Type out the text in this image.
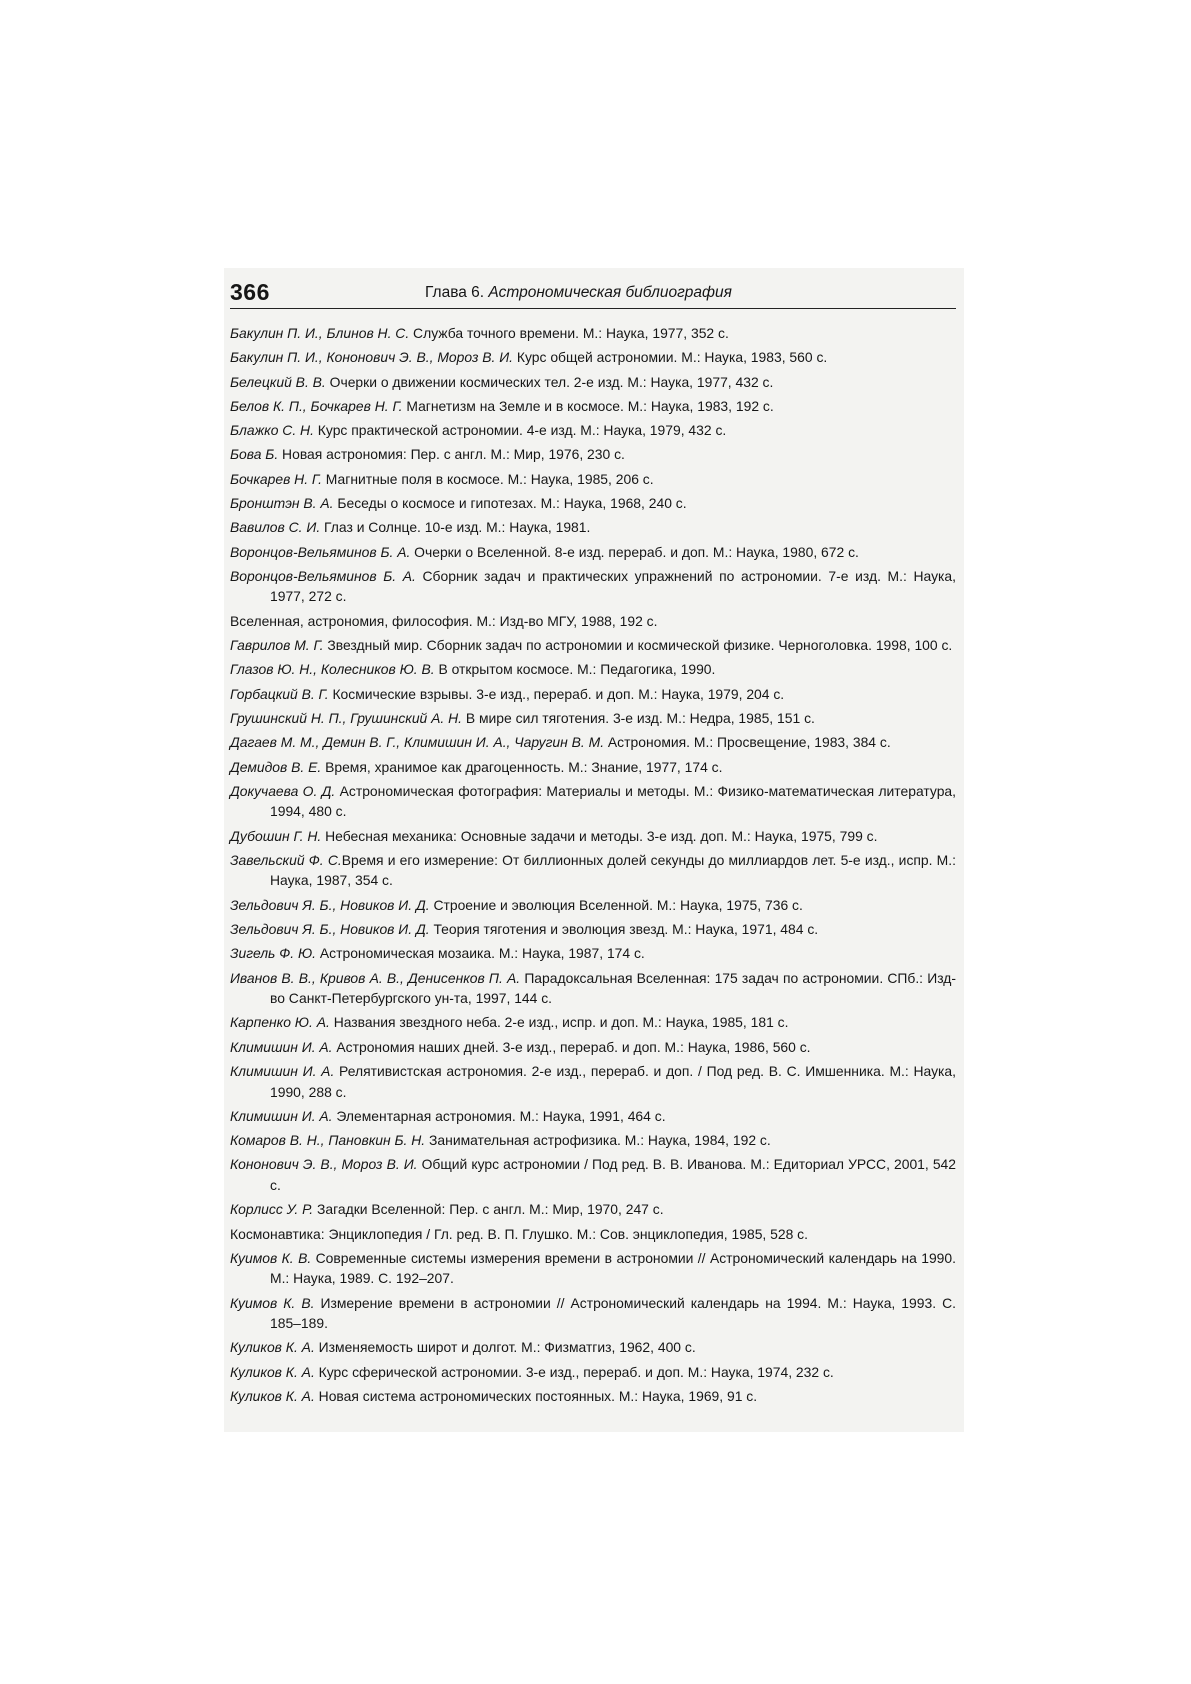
366	Глава 6. Астрономическая библиография
Бакулин П. И., Блинов Н. С. Служба точного времени. М.: Наука, 1977, 352 с.
Бакулин П. И., Кононович Э. В., Мороз В. И. Курс общей астрономии. М.: Наука, 1983, 560 с.
Белецкий В. В. Очерки о движении космических тел. 2-е изд. М.: Наука, 1977, 432 с.
Белов К. П., Бочкарев Н. Г. Магнетизм на Земле и в космосе. М.: Наука, 1983, 192 с.
Блажко С. Н. Курс практической астрономии. 4-е изд. М.: Наука, 1979, 432 с.
Бова Б. Новая астрономия: Пер. с англ. М.: Мир, 1976, 230 с.
Бочкарев Н. Г. Магнитные поля в космосе. М.: Наука, 1985, 206 с.
Бронштэн В. А. Беседы о космосе и гипотезах. М.: Наука, 1968, 240 с.
Вавилов С. И. Глаз и Солнце. 10-е изд. М.: Наука, 1981.
Воронцов-Вельяминов Б. А. Очерки о Вселенной. 8-е изд. перераб. и доп. М.: Наука, 1980, 672 с.
Воронцов-Вельяминов Б. А. Сборник задач и практических упражнений по астрономии. 7-е изд. М.: Наука, 1977, 272 с.
Вселенная, астрономия, философия. М.: Изд-во МГУ, 1988, 192 с.
Гаврилов М. Г. Звездный мир. Сборник задач по астрономии и космической физике. Черноголовка. 1998, 100 с.
Глазов Ю. Н., Колесников Ю. В. В открытом космосе. М.: Педагогика, 1990.
Горбацкий В. Г. Космические взрывы. 3-е изд., перераб. и доп. М.: Наука, 1979, 204 с.
Грушинский Н. П., Грушинский А. Н. В мире сил тяготения. 3-е изд. М.: Недра, 1985, 151 с.
Дагаев М. М., Демин В. Г., Климишин И. А., Чаругин В. М. Астрономия. М.: Просвещение, 1983, 384 с.
Демидов В. Е. Время, хранимое как драгоценность. М.: Знание, 1977, 174 с.
Докучаева О. Д. Астрономическая фотография: Материалы и методы. М.: Физико-математическая литература, 1994, 480 с.
Дубошин Г. Н. Небесная механика: Основные задачи и методы. 3-е изд. доп. М.: Наука, 1975, 799 с.
Завельский Ф. С.Время и его измерение: От биллионных долей секунды до миллиардов лет. 5-е изд., испр. М.: Наука, 1987, 354 с.
Зельдович Я. Б., Новиков И. Д. Строение и эволюция Вселенной. М.: Наука, 1975, 736 с.
Зельдович Я. Б., Новиков И. Д. Теория тяготения и эволюция звезд. М.: Наука, 1971, 484 с.
Зигель Ф. Ю. Астрономическая мозаика. М.: Наука, 1987, 174 с.
Иванов В. В., Кривов А. В., Денисенков П. А. Парадоксальная Вселенная: 175 задач по астрономии. СПб.: Изд-во Санкт-Петербургского ун-та, 1997, 144 с.
Карпенко Ю. А. Названия звездного неба. 2-е изд., испр. и доп. М.: Наука, 1985, 181 с.
Климишин И. А. Астрономия наших дней. 3-е изд., перераб. и доп. М.: Наука, 1986, 560 с.
Климишин И. А. Релятивистская астрономия. 2-е изд., перераб. и доп. / Под ред. В. С. Имшенника. М.: Наука, 1990, 288 с.
Климишин И. А. Элементарная астрономия. М.: Наука, 1991, 464 с.
Комаров В. Н., Пановкин Б. Н. Занимательная астрофизика. М.: Наука, 1984, 192 с.
Кононович Э. В., Мороз В. И. Общий курс астрономии / Под ред. В. В. Иванова. М.: Едиториал УРСС, 2001, 542 с.
Корлисс У. Р. Загадки Вселенной: Пер. с англ. М.: Мир, 1970, 247 с.
Космонавтика: Энциклопедия / Гл. ред. В. П. Глушко. М.: Сов. энциклопедия, 1985, 528 с.
Куимов К. В. Современные системы измерения времени в астрономии // Астрономический календарь на 1990. М.: Наука, 1989. С. 192–207.
Куимов К. В. Измерение времени в астрономии // Астрономический календарь на 1994. М.: Наука, 1993. С. 185–189.
Куликов К. А. Изменяемость широт и долгот. М.: Физматгиз, 1962, 400 с.
Куликов К. А. Курс сферической астрономии. 3-е изд., перераб. и доп. М.: Наука, 1974, 232 с.
Куликов К. А. Новая система астрономических постоянных. М.: Наука, 1969, 91 с.
